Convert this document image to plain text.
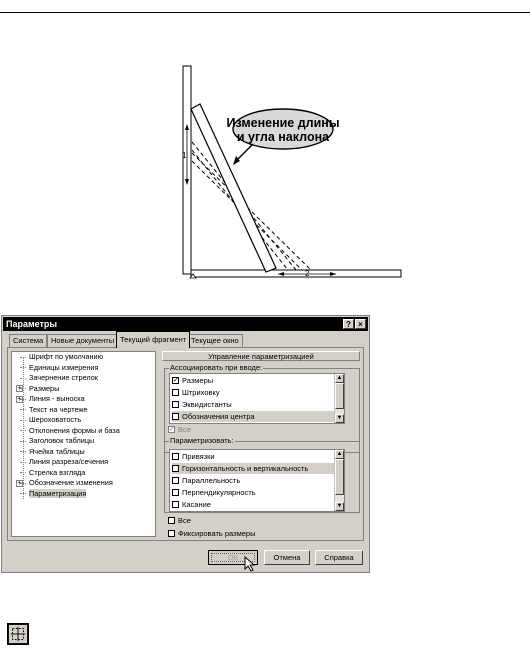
Изменение длины
и угла наклона
1
2
Параметры	? ×
Система	Новые документы Текущий фрагмент Текущее окно
Шрифт по умолчанию
Единицы измерения
Зачернение стрелок
+	Размеры
+	Линия - выноска
Текст на чертеже
Шероховатость
Отклонения формы и база
Заголовок таблицы
Ячейка таблицы
Линия разреза/сечения
Стрелка взгляда
+	Обозначение изменения
Параметризация
Управление параметризацией
Ассоциировать при вводе:
✓ Размеры
Штриховку
Эквидистанты
Обозначения центра
▲
▼
✓ Все
Параметризовать:
Привязки
Горизонтальность и вертикальность
Параллельность
Перпендикулярность
Касание
▲
▼
Все
Фиксировать размеры
ОК	Отмена	Справка
